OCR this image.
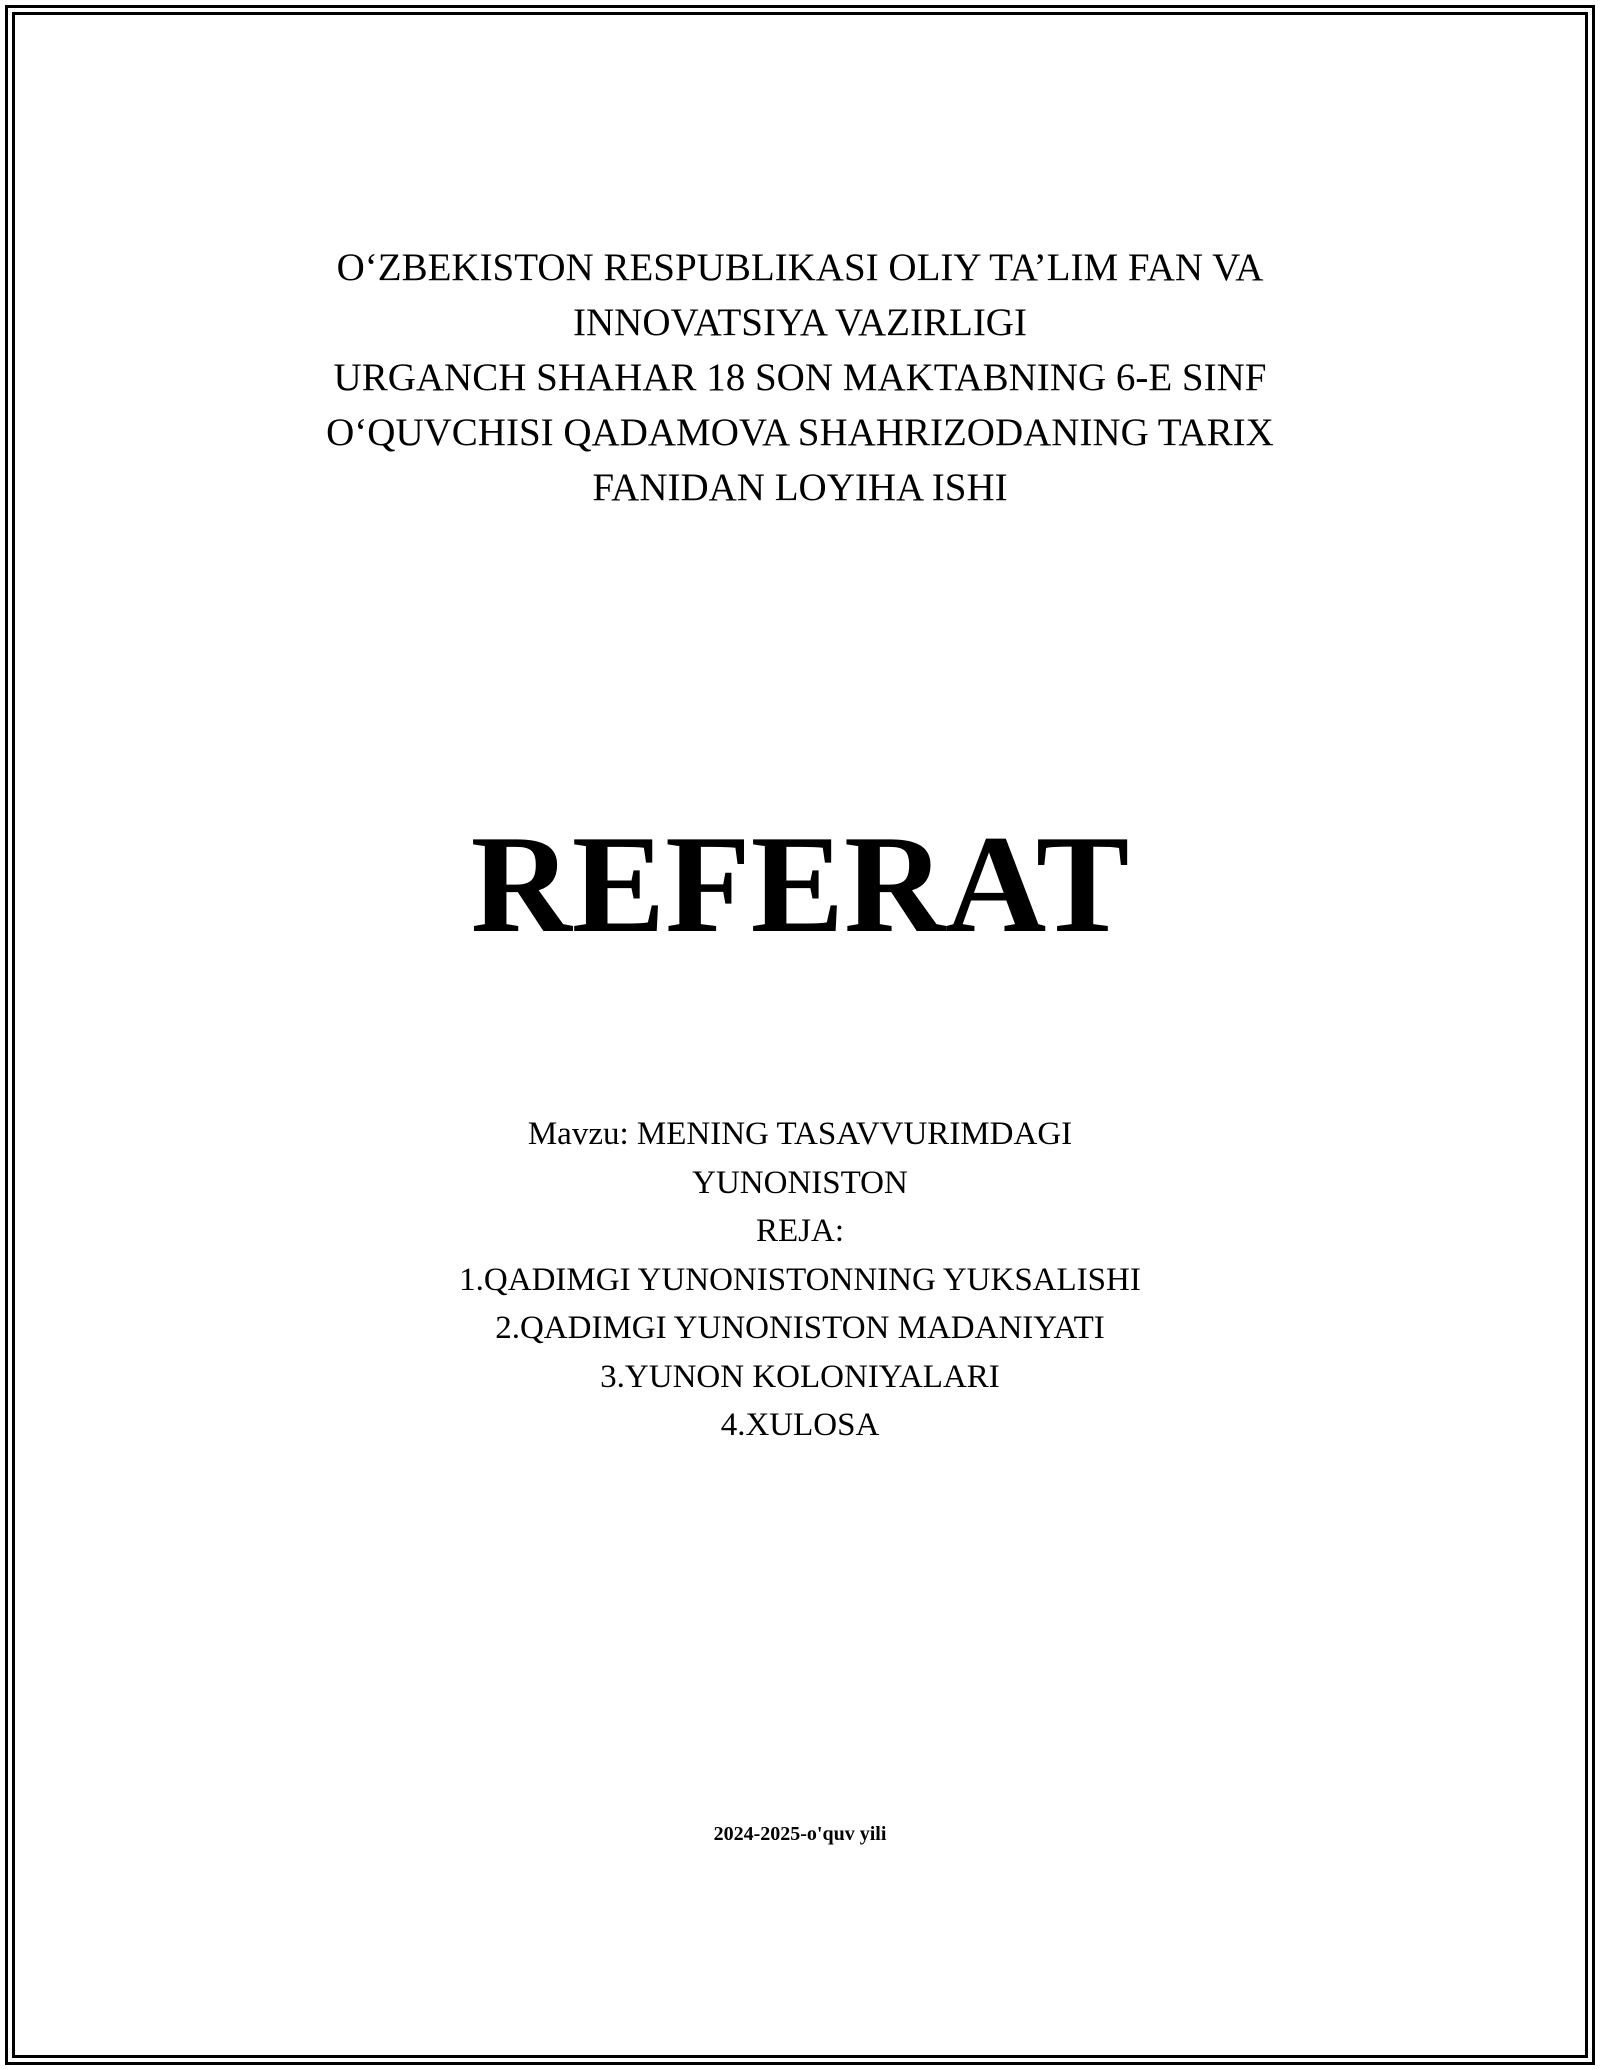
O‘ZBEKISTON RESPUBLIKASI OLIY TA’LIM FAN VA
INNOVATSIYA VAZIRLIGI
URGANCH SHAHAR 18 SON MAKTABNING 6-E SINF
O‘QUVCHISI QADAMOVA SHAHRIZODANING TARIX
FANIDAN LOYIHA ISHI
REFERAT
Mavzu: MENING TASAVVURIMDAGI
YUNONISTON
REJA:
1.QADIMGI YUNONISTONNING YUKSALISHI
2.QADIMGI YUNONISTON MADANIYATI
3.YUNON KOLONIYALARI
4.XULOSA
2024-2025-o'quv yili
